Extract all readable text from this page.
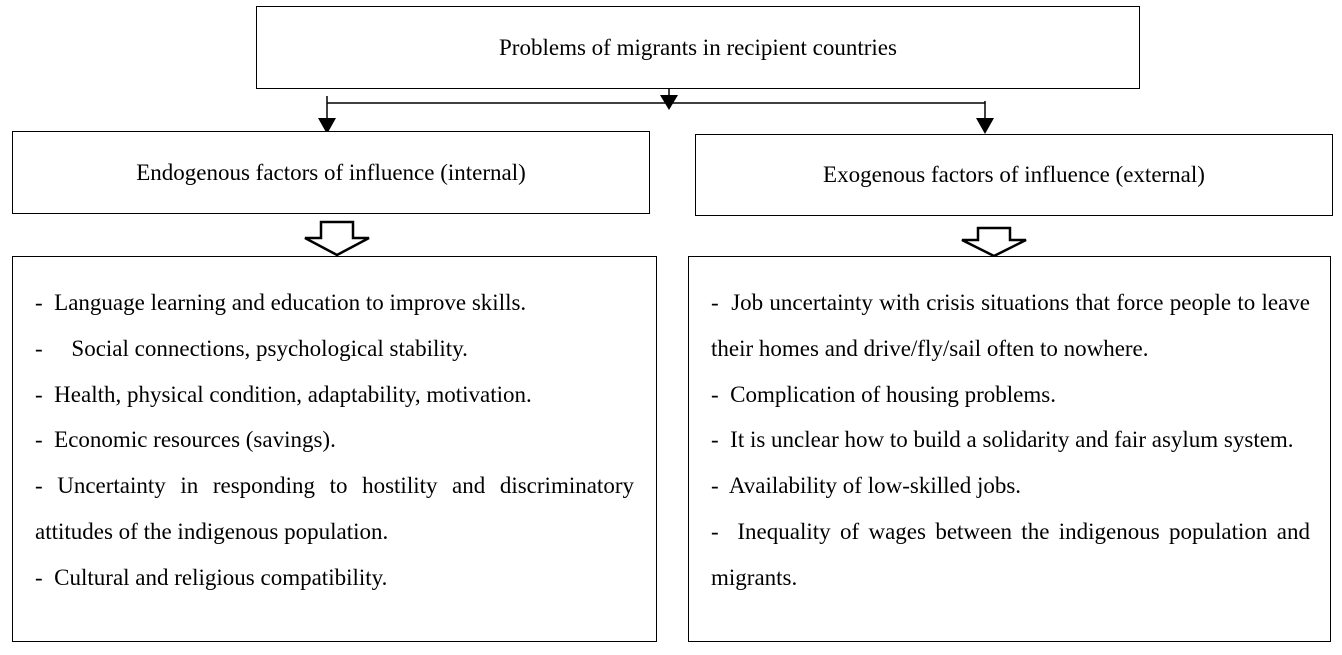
Problems of migrants in recipient countries
Endogenous factors of influence (internal)	Exogenous factors of influence (external)

-  Language learning and education to improve skills.

-     Social connections, psychological stability.

-  Health, physical condition, adaptability, motivation.

-  Economic resources (savings).

- Uncertainty in responding to hostility and discriminatory attitudes of the indigenous population.

-  Cultural and religious compatibility.

-  Job uncertainty with crisis situations that force people to leave their homes and drive/fly/sail often to nowhere.

-  Complication of housing problems.

-  It is unclear how to build a solidarity and fair asylum system.

-  Availability of low-skilled jobs.

-  Inequality of wages between the indigenous population and migrants.
